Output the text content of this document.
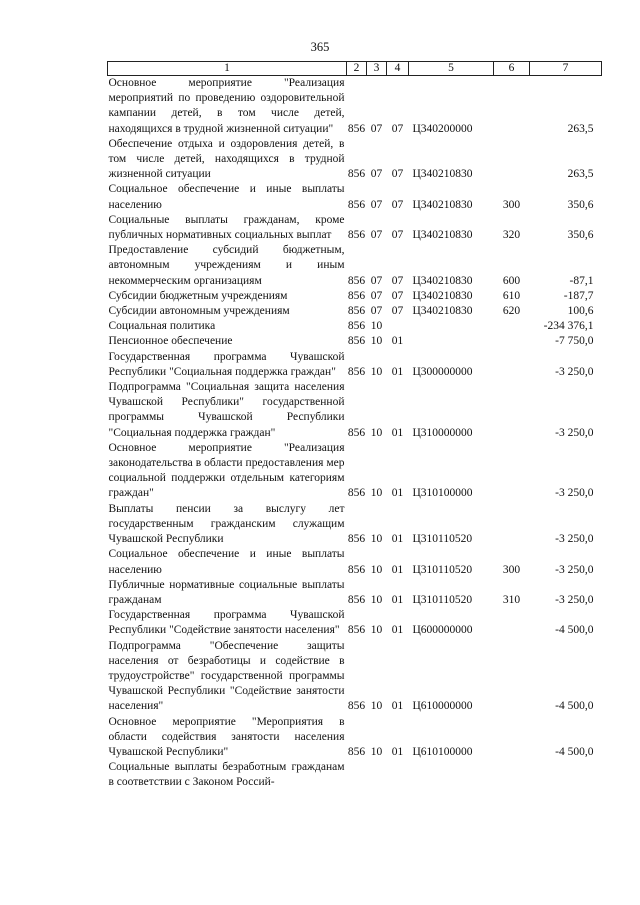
365
1	2	3	4	5	6	7
Основное мероприятие "Реализация мероприятий по проведению оздоровительной кампании детей, в том числе детей, находящихся в трудной жизненной ситуации"	856	07	07	Ц340200000		263,5
Обеспечение отдыха и оздоровления детей, в том числе детей, находящихся в трудной жизненной ситуации	856	07	07	Ц340210830		263,5
Социальное обеспечение и иные выплаты населению	856	07	07	Ц340210830	300	350,6
Социальные выплаты гражданам, кроме публичных нормативных социальных выплат	856	07	07	Ц340210830	320	350,6
Предоставление субсидий бюджетным, автономным учреждениям и иным некоммерческим организациям	856	07	07	Ц340210830	600	-87,1
Субсидии бюджетным учреждениям	856	07	07	Ц340210830	610	-187,7
Субсидии автономным учреждениям	856	07	07	Ц340210830	620	100,6
Социальная политика	856	10				-234 376,1
Пенсионное обеспечение	856	10	01			-7 750,0
Государственная программа Чувашской Республики "Социальная поддержка граждан"	856	10	01	Ц300000000		-3 250,0
Подпрограмма "Социальная защита населения Чувашской Республики" государственной программы Чувашской Республики "Социальная поддержка граждан"	856	10	01	Ц310000000		-3 250,0
Основное мероприятие "Реализация законодательства в области предоставления мер социальной поддержки отдельным категориям граждан"	856	10	01	Ц310100000		-3 250,0
Выплаты пенсии за выслугу лет государственным гражданским служащим Чувашской Республики	856	10	01	Ц310110520		-3 250,0
Социальное обеспечение и иные выплаты населению	856	10	01	Ц310110520	300	-3 250,0
Публичные нормативные социальные выплаты гражданам	856	10	01	Ц310110520	310	-3 250,0
Государственная программа Чувашской Республики "Содействие занятости населения"	856	10	01	Ц600000000		-4 500,0
Подпрограмма "Обеспечение защиты населения от безработицы и содействие в трудоустройстве" государственной программы Чувашской Республики "Содействие занятости населения"	856	10	01	Ц610000000		-4 500,0
Основное мероприятие "Мероприятия в области содействия занятости населения Чувашской Республики"	856	10	01	Ц610100000		-4 500,0
Социальные выплаты безработным гражданам в соответствии с Законом Россий-						
